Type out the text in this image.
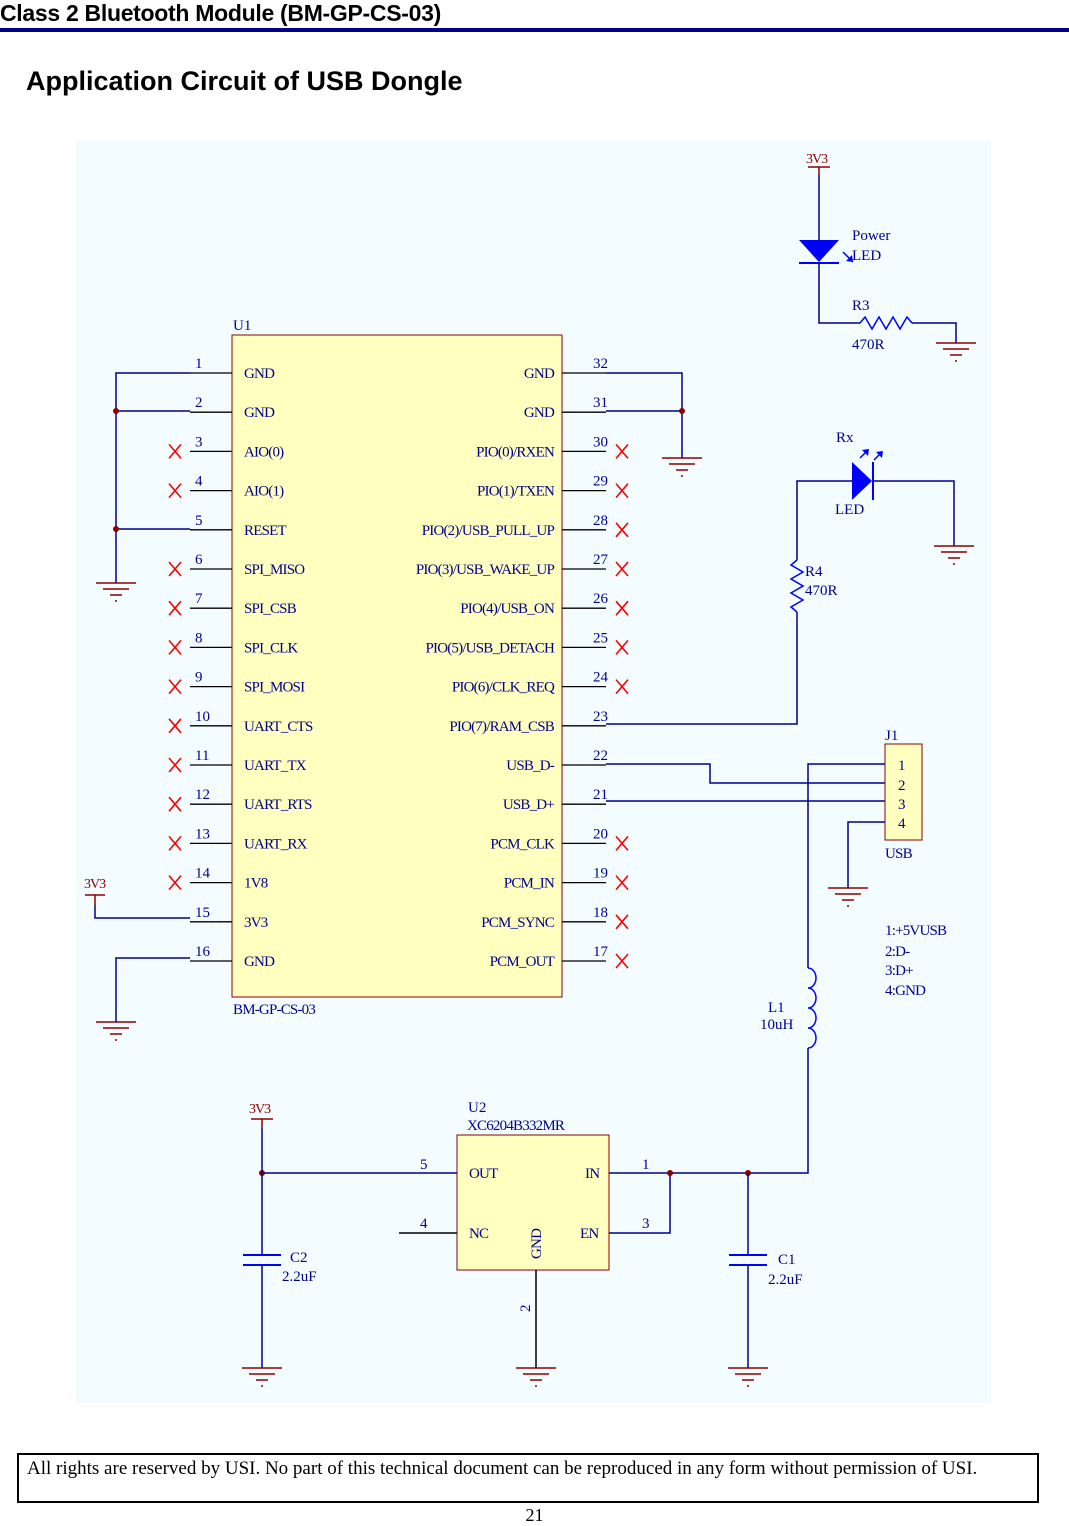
Class 2 Bluetooth Module (BM-GP-CS-03)
Application Circuit of USB Dongle
U1
BM-GP-CS-03
1
GND
2
GND
3
AIO(0)
4
AIO(1)
5
RESET
6
SPI_MISO
7
SPI_CSB
8
SPI_CLK
9
SPI_MOSI
10
UART_CTS
11
UART_TX
12
UART_RTS
13
UART_RX
14
1V8
15
3V3
16
GND
32
GND
31
GND
30
PIO(0)/RXEN
29
PIO(1)/TXEN
28
PIO(2)/USB_PULL_UP
27
PIO(3)/USB_WAKE_UP
26
PIO(4)/USB_ON
25
PIO(5)/USB_DETACH
24
PIO(6)/CLK_REQ
23
PIO(7)/RAM_CSB
22
USB_D-
21
USB_D+
20
PCM_CLK
19
PCM_IN
18
PCM_SYNC
17
PCM_OUT
3V3
3V3
Power
LED
R3
470R
Rx
LED
R4
470R
J1
1
2
3
4
USB
1:+5VUSB
2:D-
3:D+
4:GND
L1
10uH
U2
XC6204B332MR
5
OUT
4
NC
1
IN
3
EN
GND
2
3V3
C2
2.2uF
C1
2.2uF
All rights are reserved by USI. No part of this technical document can be reproduced in any form without permission of USI.
21
